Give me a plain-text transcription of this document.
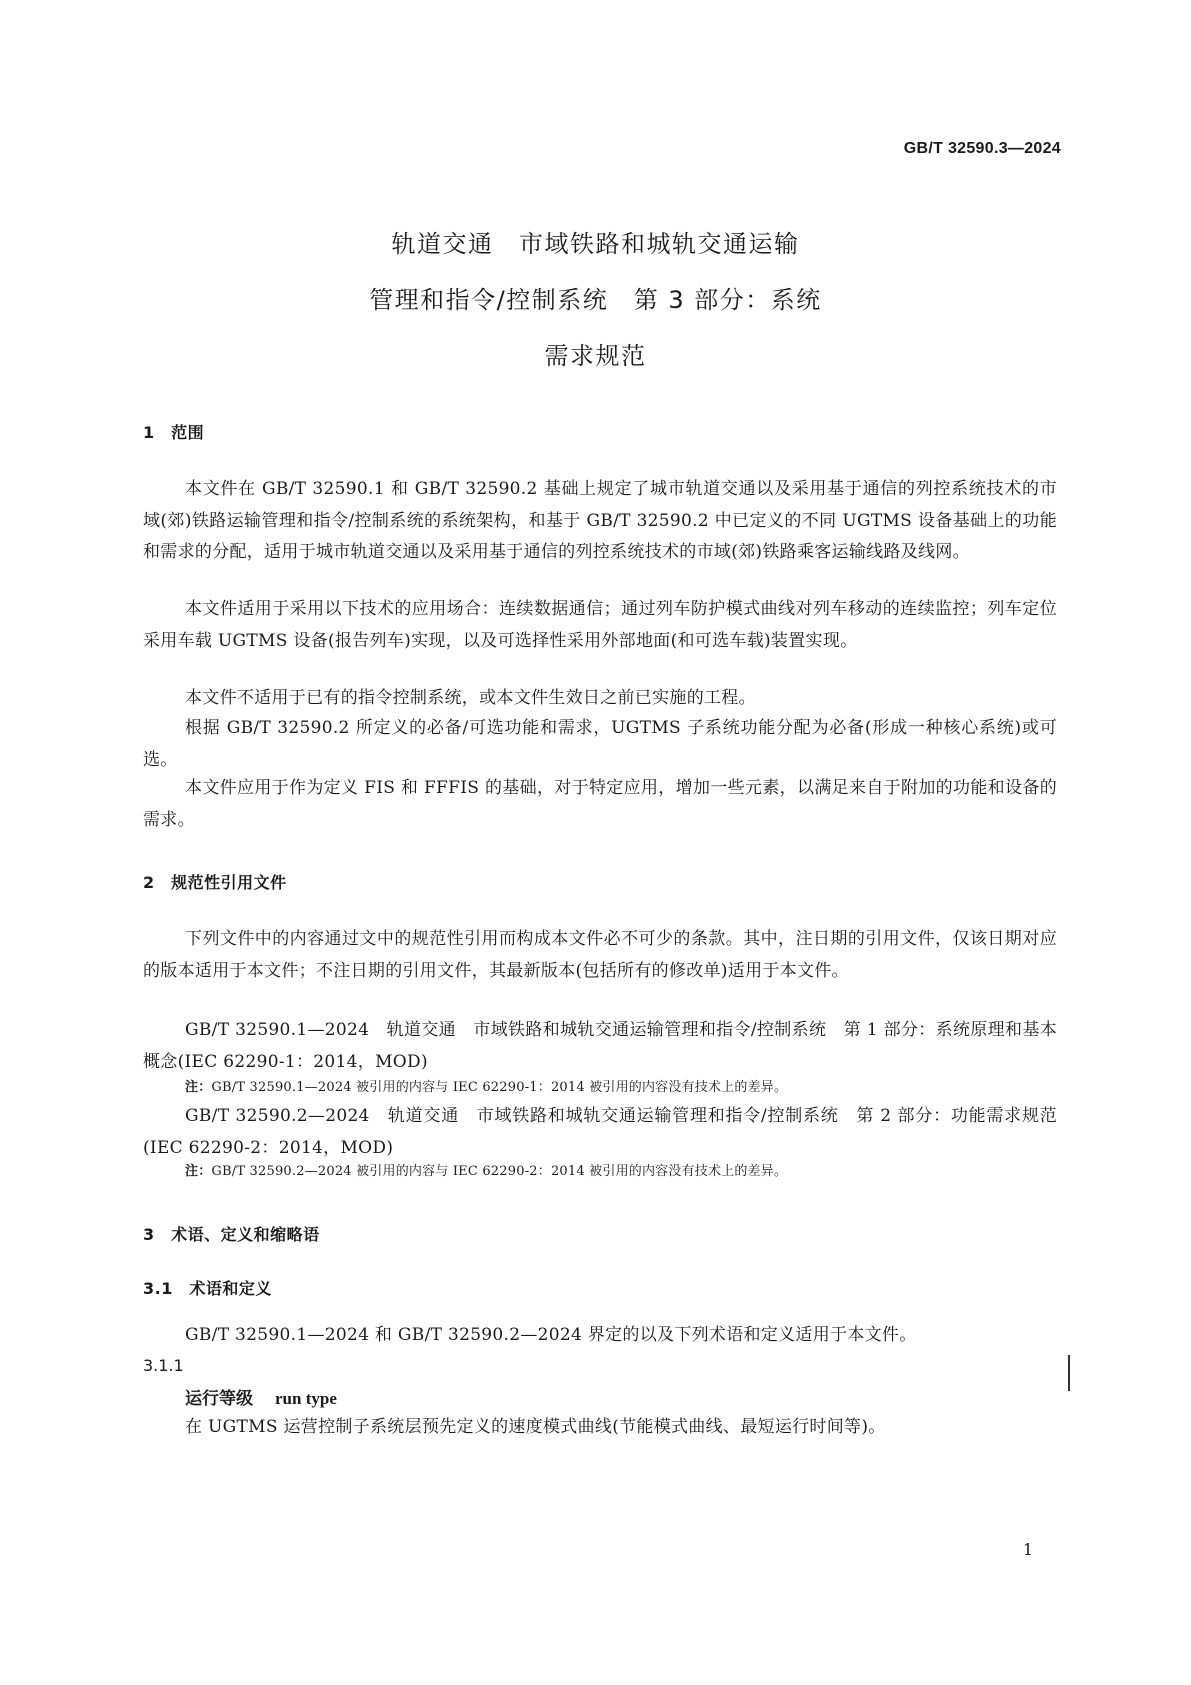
GB/T 32590.3—2024
轨道交通　市域铁路和城轨交通运输
管理和指令/控制系统　第 3 部分：系统
需求规范
1　范围
本文件在 GB/T 32590.1 和 GB/T 32590.2 基础上规定了城市轨道交通以及采用基于通信的列控系统技术的市域(郊)铁路运输管理和指令/控制系统的系统架构，和基于 GB/T 32590.2 中已定义的不同 UGTMS 设备基础上的功能和需求的分配，适用于城市轨道交通以及采用基于通信的列控系统技术的市域(郊)铁路乘客运输线路及线网。
本文件适用于采用以下技术的应用场合：连续数据通信；通过列车防护模式曲线对列车移动的连续监控；列车定位采用车载 UGTMS 设备(报告列车)实现，以及可选择性采用外部地面(和可选车载)装置实现。
本文件不适用于已有的指令控制系统，或本文件生效日之前已实施的工程。
根据 GB/T 32590.2 所定义的必备/可选功能和需求，UGTMS 子系统功能分配为必备(形成一种核心系统)或可选。
本文件应用于作为定义 FIS 和 FFFIS 的基础，对于特定应用，增加一些元素，以满足来自于附加的功能和设备的需求。
2　规范性引用文件
下列文件中的内容通过文中的规范性引用而构成本文件必不可少的条款。其中，注日期的引用文件，仅该日期对应的版本适用于本文件；不注日期的引用文件，其最新版本(包括所有的修改单)适用于本文件。
GB/T 32590.1—2024　轨道交通　市域铁路和城轨交通运输管理和指令/控制系统　第 1 部分：系统原理和基本概念(IEC 62290-1：2014，MOD)
注：GB/T 32590.1—2024 被引用的内容与 IEC 62290-1：2014 被引用的内容没有技术上的差异。
GB/T 32590.2—2024　轨道交通　市域铁路和城轨交通运输管理和指令/控制系统　第 2 部分：功能需求规范(IEC 62290-2：2014，MOD)
注：GB/T 32590.2—2024 被引用的内容与 IEC 62290-2：2014 被引用的内容没有技术上的差异。
3　术语、定义和缩略语
3.1　术语和定义
GB/T 32590.1—2024 和 GB/T 32590.2—2024 界定的以及下列术语和定义适用于本文件。
3.1.1
运行等级 run type
在 UGTMS 运营控制子系统层预先定义的速度模式曲线(节能模式曲线、最短运行时间等)。
1
